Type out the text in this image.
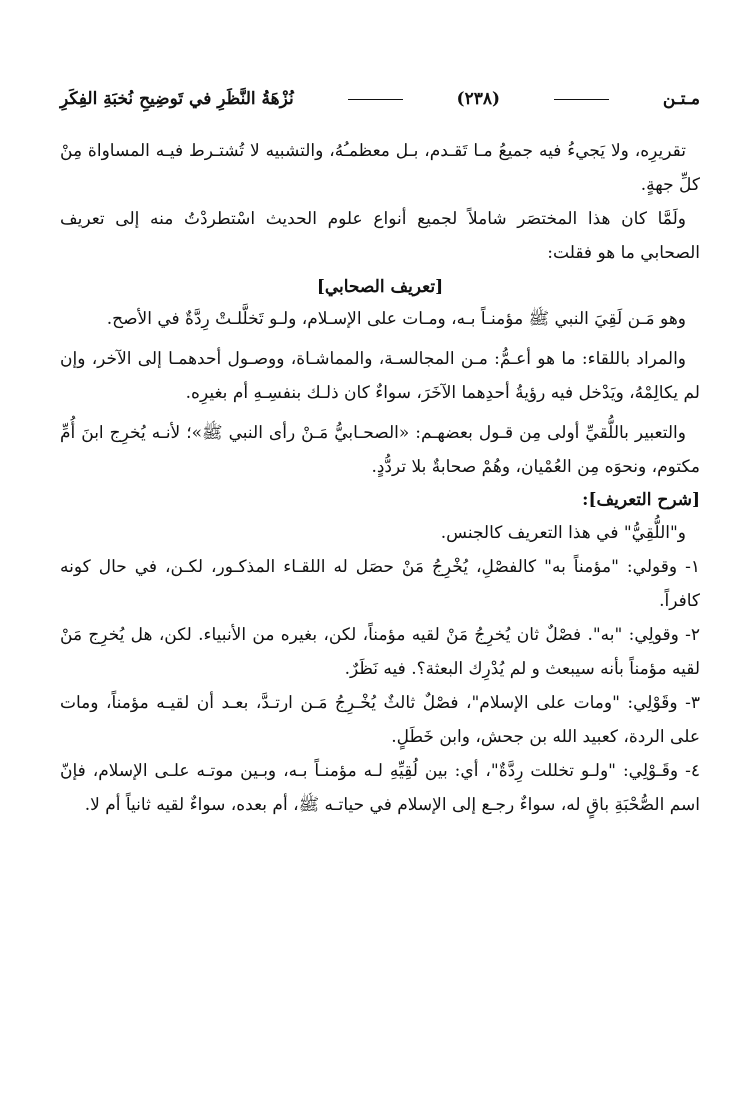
مـتـن
(٢٣٨)
نُزْهَةُ النَّظَرِ في تَوضِيحِ نُخبَةِ الفِكَرِ

تقريرِه، ولا يَجيءُ فيه جميعُ مـا تَقـدم، بـل معظمـُهُ، والتشبيه لا تُشتـرط فيـه المساواة مِنْ كلِّ جهةٍ.

ولَمَّا كان هذا المختصَر شاملاً لجميع أنواع علوم الحديث اسْتطردْتُ منه إلى تعريف الصحابي ما هو فقلت:

[تعريف الصحابي]

وهو مَـن لَقِيَ النبي ﷺ مؤمنـاً بـه، ومـات على الإسـلام، ولـو تَخلَّلـتْ رِدَّةٌ في الأصح.

والمراد باللقاء: ما هو أعـمُّ: مـن المجالسـة، والمماشـاة، ووصـول أحدهمـا إلى الآخر، وإن لم يكالِمْهُ، ويَدْخل فيه رؤيةُ أحدِهما الآخَرَ، سواءٌ كان ذلـك بنفسِـهِ أم بغيرِه.

والتعبير باللُّقيِّ أولى مِن قـول بعضهـم: «الصحـابيُّ مَـنْ رأى النبي ﷺ»؛ لأنـه يُخرِج ابنَ أُمِّ مكتوم، ونحوَه مِن العُمْيان، وهُمْ صحابةٌ بلا تردُّدٍ.

[شرح التعريف]:

و"اللُّقِيُّ" في هذا التعريف كالجنس.

١- وقولي: "مؤمناً به" كالفصْلِ، يُخْرِجُ مَنْ حصَل له اللقـاء المذكـور، لكـن، في حال كونه كافراً.

٢- وقولِي: "به". فصْلٌ ثان يُخرِجُ مَنْ لقيه مؤمناً، لكن، بغيره من الأنبياء. لكن، هل يُخرِج مَنْ لقيه مؤمناً بأنه سيبعث و لم يُدْرِك البعثة؟. فيه نَظَرٌ.

٣- وقَوْلِي: "ومات على الإسلام"، فصْلٌ ثالثٌ يُخْـرِجُ مَـن ارتـدَّ، بعـد أن لقيـه مؤمناً، ومات على الردة، كعبيد الله بن جحش، وابن خَطَلٍ.

٤- وقَـوْلِي: "ولـو تخللت رِدَّةٌ"، أي: بين لُقِيِّهِ لـه مؤمنـاً بـه، وبـين موتـه علـى الإسلام، فإنّ اسم الصُّحْبَةِ باقٍ له، سواءٌ رجـع إلى الإسلام في حياتـه ﷺ، أم بعده، سواءٌ لقيه ثانياً أم لا.
